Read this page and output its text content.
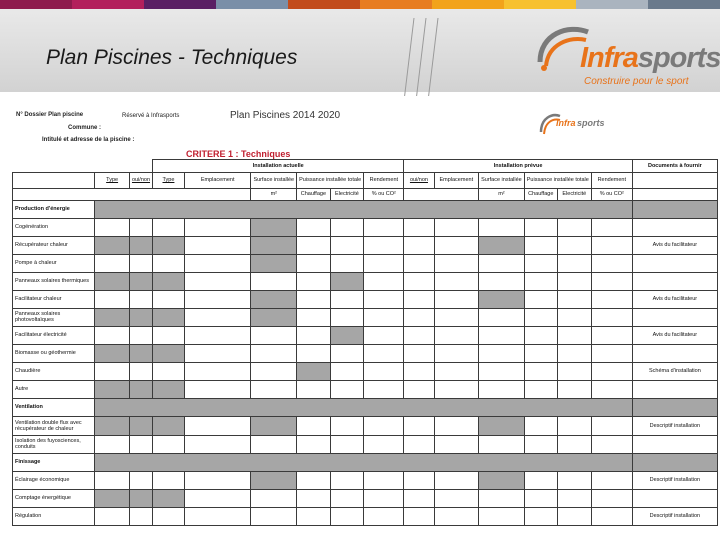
Plan Piscines - Techniques	Infrasports
Construire pour le sport
N° Dossier Plan piscine	Réservé à Infrasports	Plan Piscines 2014 2020
Commune :
Intitulé et adresse de la piscine :
Infra sports
CRITERE 1 : Techniques

			Installation actuelle						Installation prévue						Documents à fournir
	Type	oui/non	Type	Emplacement	Surface installée	Puissance installée totale		Rendement	oui/non	Emplacement	Surface installée	Puissance installée totale		Rendement	
					m²	Chauffage	Electricité	% ou CO²			m²	Chauffage	Electricité	% ou CO²	
Production d'énergie															
Cogénération															
Récupérateur chaleur															Avis du facilitateur
Pompe à chaleur															
Panneaux solaires thermiques															
Facilitateur chaleur															Avis du facilitateur
Panneaux solaires photovoltaïques															
Facilitateur électricité															Avis du facilitateur
Biomasse ou géothermie															
Chaudière															Schéma d'installation
Autre															
Ventilation															
Ventilation double flux avec récupérateur de chaleur															Descriptif installation
Isolation des fuyosciences, conduits															
Finissage															
Éclairage économique															Descriptif installation
Comptage énergétique															
Régulation															Descriptif installation
